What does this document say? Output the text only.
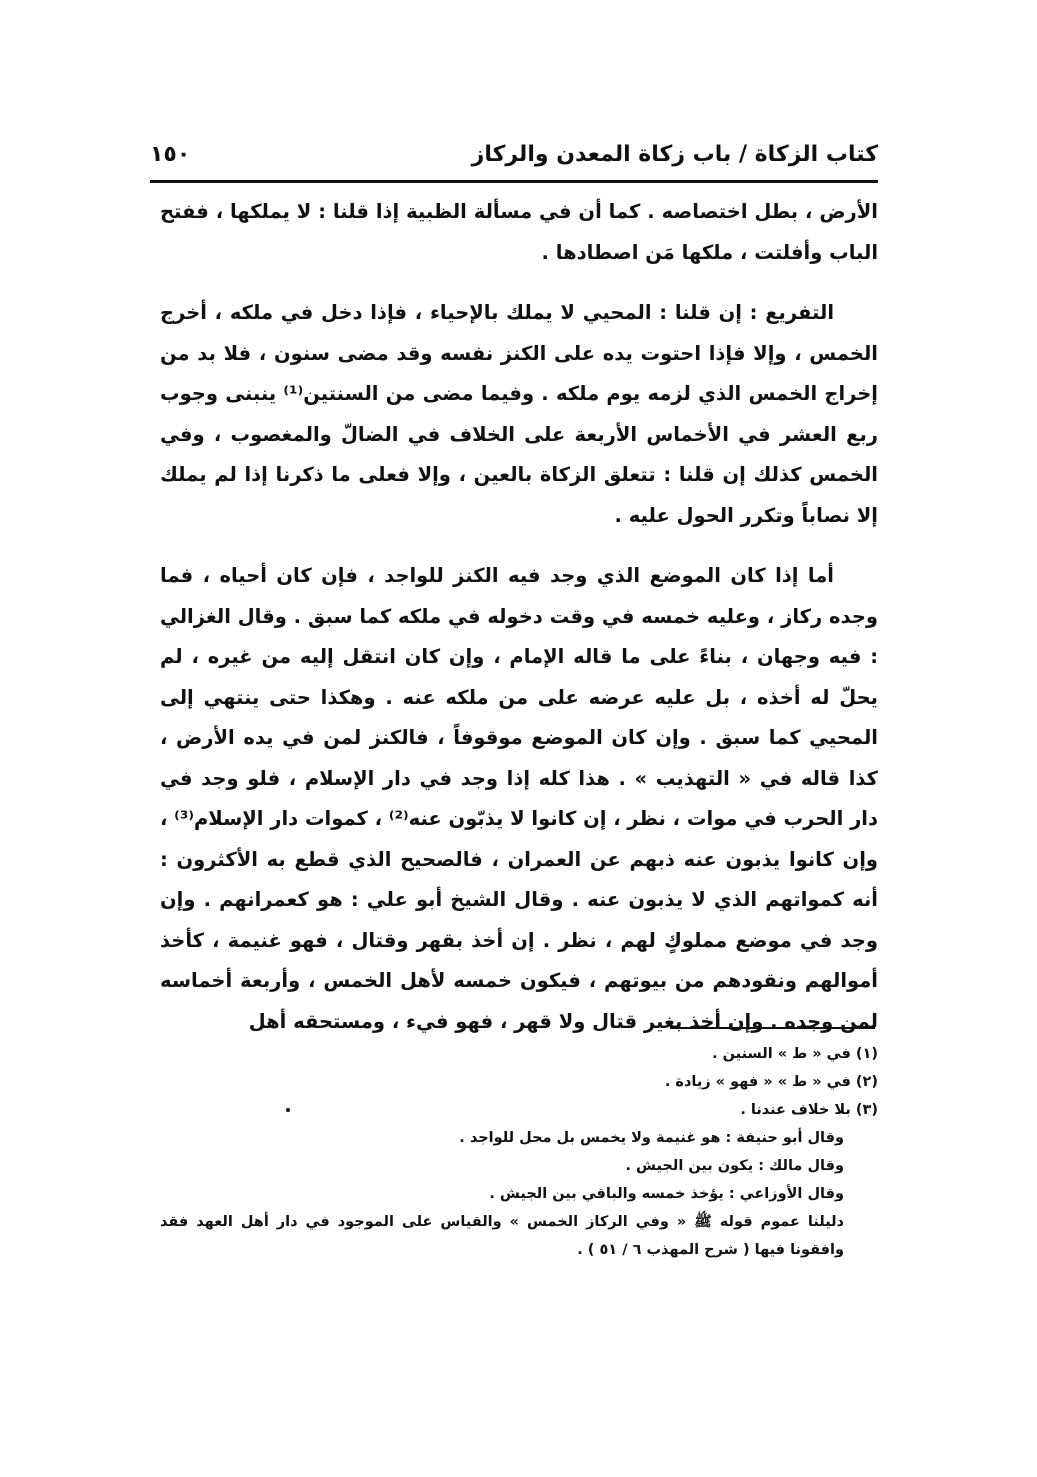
كتاب الزكاة / باب زكاة المعدن والركاز
١٥٠

الأرض ، بطل اختصاصه . كما أن في مسألة الظبية إذا قلنا : لا يملكها ، ففتح الباب وأفلتت ، ملكها مَن اصطادها .

التفريع : إن قلنا : المحيي لا يملك بالإحياء ، فإذا دخل في ملكه ، أخرج الخمس ، وإلا فإذا احتوت يده على الكنز نفسه وقد مضى سنون ، فلا بد من إخراج الخمس الذي لزمه يوم ملكه . وفيما مضى من السنتين⁽¹⁾ ينبنى وجوب ربع العشر في الأخماس الأربعة على الخلاف في الضالّ والمغصوب ، وفي الخمس كذلك إن قلنا : تتعلق الزكاة بالعين ، وإلا فعلى ما ذكرنا إذا لم يملك إلا نصاباً وتكرر الحول عليه .

أما إذا كان الموضع الذي وجد فيه الكنز للواجد ، فإن كان أحياه ، فما وجده ركاز ، وعليه خمسه في وقت دخوله في ملكه كما سبق . وقال الغزالي : فيه وجهان ، بناءً على ما قاله الإمام ، وإن كان انتقل إليه من غيره ، لم يحلّ له أخذه ، بل عليه عرضه على من ملكه عنه . وهكذا حتى ينتهي إلى المحيي كما سبق . وإن كان الموضع موقوفاً ، فالكنز لمن في يده الأرض ، كذا قاله في « التهذيب » . هذا كله إذا وجد في دار الإسلام ، فلو وجد في دار الحرب في موات ، نظر ، إن كانوا لا يذبّون عنه⁽²⁾ ، كموات دار الإسلام⁽³⁾ ، وإن كانوا يذبون عنه ذبهم عن العمران ، فالصحيح الذي قطع به الأكثرون : أنه كمواتهم الذي لا يذبون عنه . وقال الشيخ أبو علي : هو كعمرانهم . وإن وجد في موضع مملوكٍ لهم ، نظر . إن أخذ بقهر وقتال ، فهو غنيمة ، كأخذ أموالهم ونقودهم من بيوتهم ، فيكون خمسه لأهل الخمس ، وأربعة أخماسه لمن وجده . وإن أخذ بغير قتال ولا قهر ، فهو فيء ، ومستحقه أهل

(١) في « ط » السنين .

(٢) في « ط » « فهو » زيادة .

(٣) بلا خلاف عندنا .

وقال أبو حنيفة : هو غنيمة ولا يخمس بل محل للواجد .

وقال مالك : يكون بين الجيش .

وقال الأوزاعي : يؤخذ خمسه والباقي بين الجيش .

دليلنا عموم قوله ﷺ « وفي الركاز الخمس » والقياس على الموجود في دار أهل العهد فقد وافقونا فيها ( شرح المهذب ٦ / ٥١ ) .
